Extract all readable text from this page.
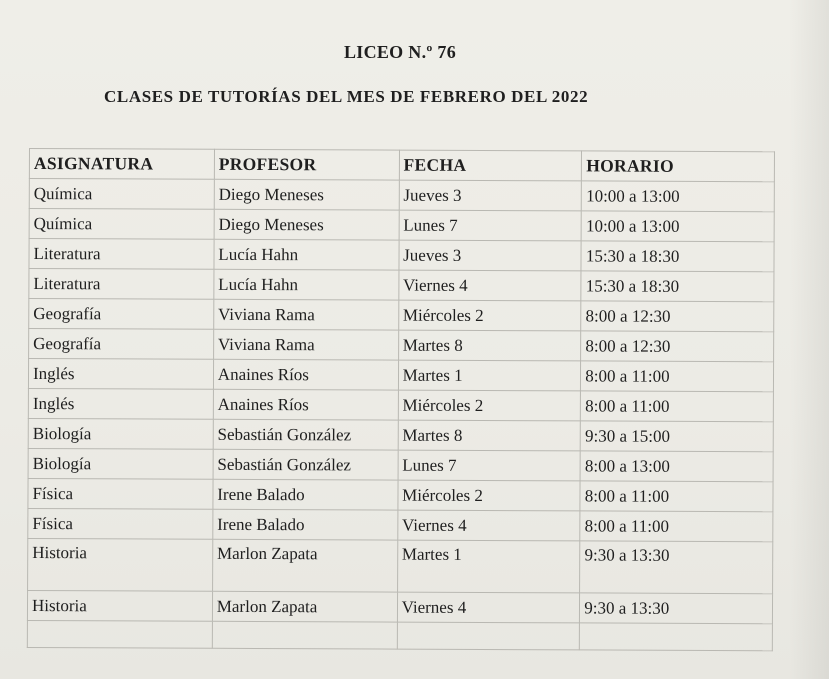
LICEO N.º 76
CLASES DE TUTORÍAS DEL MES DE FEBRERO DEL 2022
ASIGNATURA	PROFESOR	FECHA	HORARIO
Química	Diego Meneses	Jueves 3	10:00 a 13:00
Química	Diego Meneses	Lunes 7	10:00 a 13:00
Literatura	Lucía Hahn	Jueves 3	15:30 a 18:30
Literatura	Lucía Hahn	Viernes 4	15:30 a 18:30
Geografía	Viviana Rama	Miércoles 2	8:00 a 12:30
Geografía	Viviana Rama	Martes 8	8:00 a 12:30
Inglés	Anaines Ríos	Martes 1	8:00 a 11:00
Inglés	Anaines Ríos	Miércoles 2	8:00 a 11:00
Biología	Sebastián González	Martes 8	9:30 a 15:00
Biología	Sebastián González	Lunes 7	8:00 a 13:00
Física	Irene Balado	Miércoles 2	8:00 a 11:00
Física	Irene Balado	Viernes 4	8:00 a 11:00
Historia	Marlon Zapata	Martes 1	9:30 a 13:30
Historia	Marlon Zapata	Viernes 4	9:30 a 13:30
